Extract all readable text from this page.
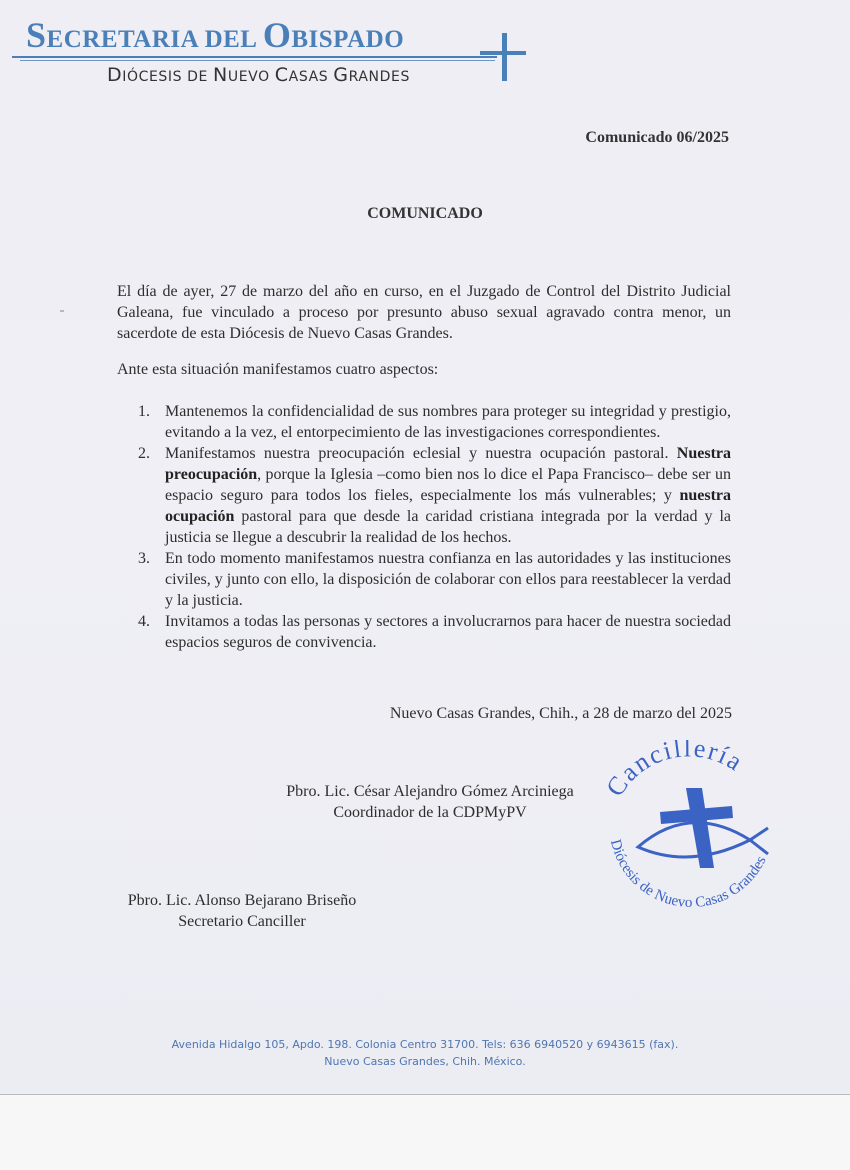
SECRETARIA DEL OBISPADO
DIÓCESIS DE NUEVO CASAS GRANDES
Comunicado 06/2025
COMUNICADO
El día de ayer, 27 de marzo del año en curso, en el Juzgado de Control del Distrito Judicial Galeana, fue vinculado a proceso por presunto abuso sexual agravado contra menor, un sacerdote de esta Diócesis de Nuevo Casas Grandes.
Ante esta situación manifestamos cuatro aspectos:
1. Mantenemos la confidencialidad de sus nombres para proteger su integridad y prestigio, evitando a la vez, el entorpecimiento de las investigaciones correspondientes.
2. Manifestamos nuestra preocupación eclesial y nuestra ocupación pastoral. Nuestra preocupación, porque la Iglesia –como bien nos lo dice el Papa Francisco– debe ser un espacio seguro para todos los fieles, especialmente los más vulnerables; y nuestra ocupación pastoral para que desde la caridad cristiana integrada por la verdad y la justicia se llegue a descubrir la realidad de los hechos.
3. En todo momento manifestamos nuestra confianza en las autoridades y las instituciones civiles, y junto con ello, la disposición de colaborar con ellos para reestablecer la verdad y la justicia.
4. Invitamos a todas las personas y sectores a involucrarnos para hacer de nuestra sociedad espacios seguros de convivencia.
Nuevo Casas Grandes, Chih., a 28 de marzo del 2025
Pbro. Lic. César Alejandro Gómez Arciniega
Coordinador de la CDPMyPV
Pbro. Lic. Alonso Bejarano Briseño
Secretario Canciller
Cancillería
Diócesis de Nuevo Casas Grandes
Avenida Hidalgo 105, Apdo. 198. Colonia Centro 31700. Tels: 636 6940520 y 6943615 (fax).
Nuevo Casas Grandes, Chih. México.
